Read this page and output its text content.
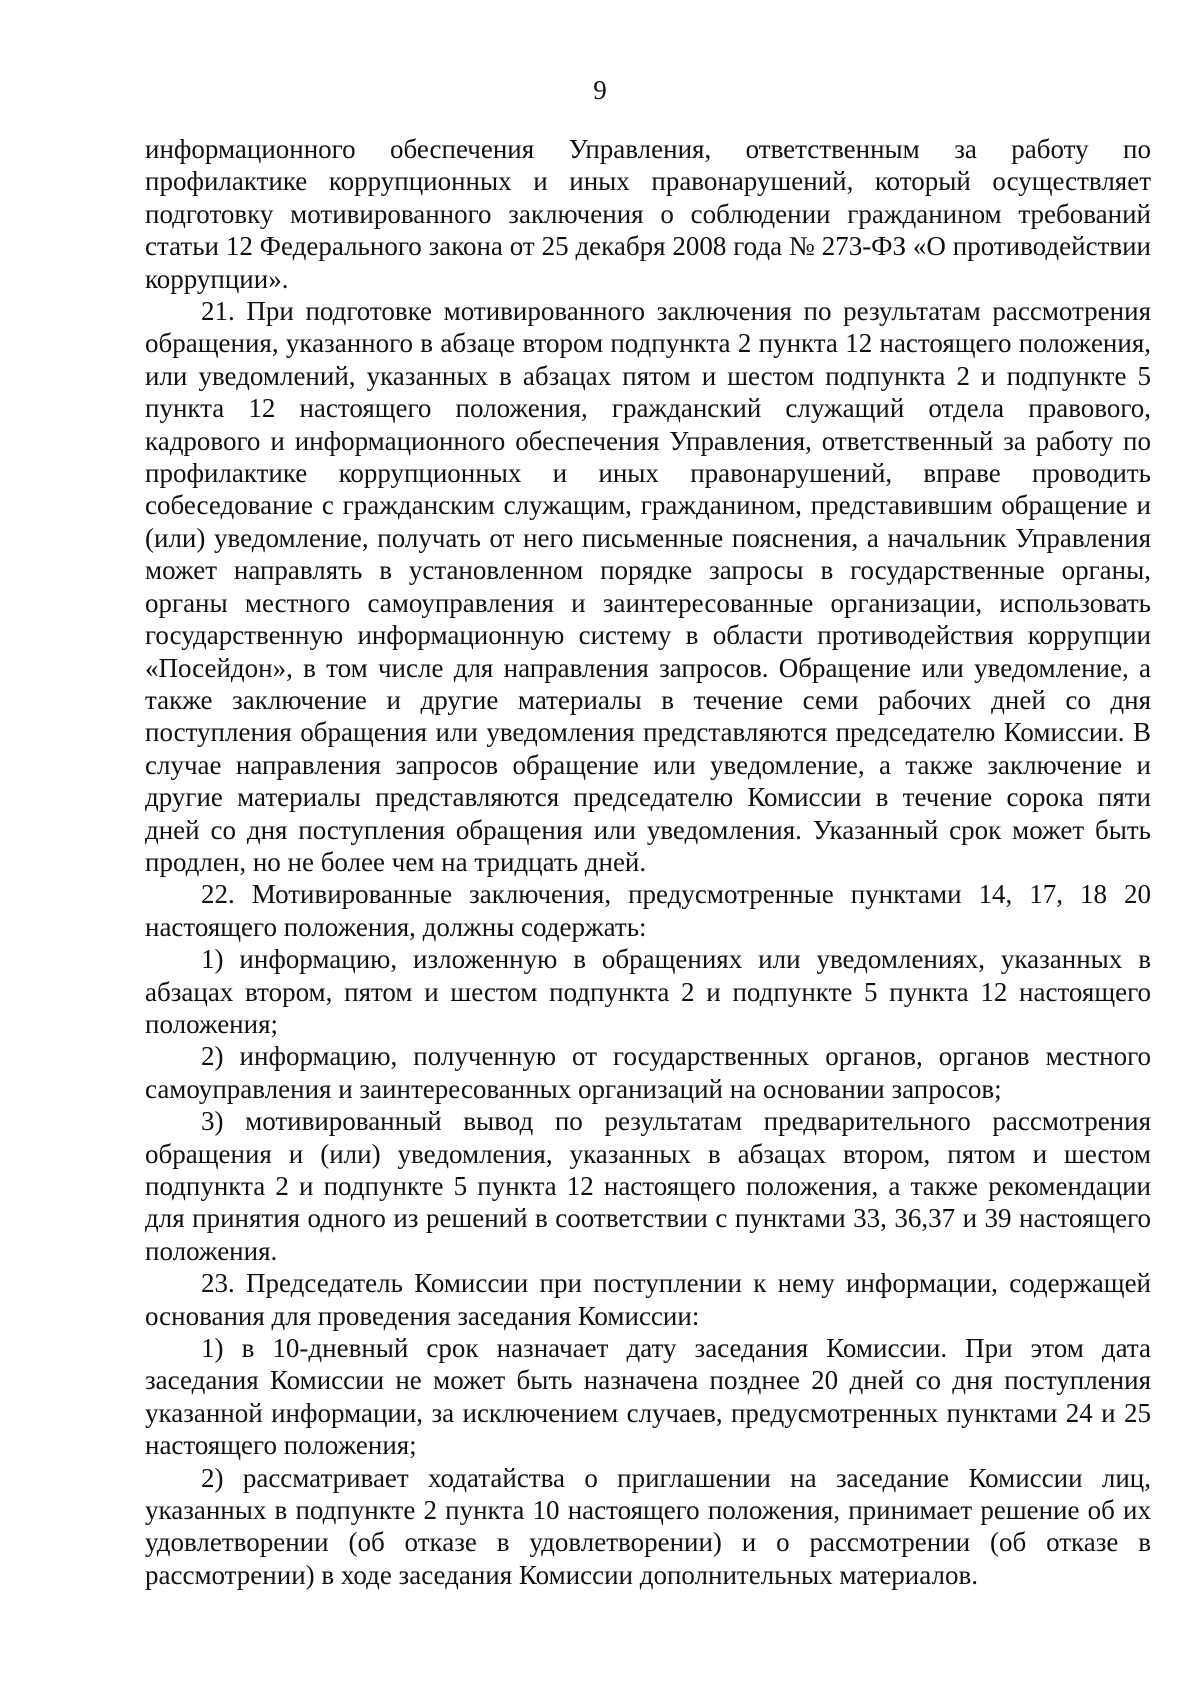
9

информационного обеспечения Управления, ответственным за работу по профилактике коррупционных и иных правонарушений, который осуществляет подготовку мотивированного заключения о соблюдении гражданином требований статьи 12 Федерального закона от 25 декабря 2008 года № 273-ФЗ «О противодействии коррупции».

21. При подготовке мотивированного заключения по результатам рассмотрения обращения, указанного в абзаце втором подпункта 2 пункта 12 настоящего положения, или уведомлений, указанных в абзацах пятом и шестом подпункта 2 и подпункте 5 пункта 12 настоящего положения, гражданский служащий отдела правового, кадрового и информационного обеспечения Управления, ответственный за работу по профилактике коррупционных и иных правонарушений, вправе проводить собеседование с гражданским служащим, гражданином, представившим обращение и (или) уведомление, получать от него письменные пояснения, а начальник Управления может направлять в установленном порядке запросы в государственные органы, органы местного самоуправления и заинтересованные организации, использовать государственную информационную систему в области противодействия коррупции «Посейдон», в том числе для направления запросов. Обращение или уведомление, а также заключение и другие материалы в течение семи рабочих дней со дня поступления обращения или уведомления представляются председателю Комиссии. В случае направления запросов обращение или уведомление, а также заключение и другие материалы представляются председателю Комиссии в течение сорока пяти дней со дня поступления обращения или уведомления. Указанный срок может быть продлен, но не более чем на тридцать дней.

22. Мотивированные заключения, предусмотренные пунктами 14, 17, 18 20 настоящего положения, должны содержать:

1) информацию, изложенную в обращениях или уведомлениях, указанных в абзацах втором, пятом и шестом подпункта 2 и подпункте 5 пункта 12 настоящего положения;

2) информацию, полученную от государственных органов, органов местного самоуправления и заинтересованных организаций на основании запросов;

3) мотивированный вывод по результатам предварительного рассмотрения обращения и (или) уведомления, указанных в абзацах втором, пятом и шестом подпункта 2 и подпункте 5 пункта 12 настоящего положения, а также рекомендации для принятия одного из решений в соответствии с пунктами 33, 36,37 и 39 настоящего положения.

23. Председатель Комиссии при поступлении к нему информации, содержащей основания для проведения заседания Комиссии:

1) в 10-дневный срок назначает дату заседания Комиссии. При этом дата заседания Комиссии не может быть назначена позднее 20 дней со дня поступления указанной информации, за исключением случаев, предусмотренных пунктами 24 и 25 настоящего положения;

2) рассматривает ходатайства о приглашении на заседание Комиссии лиц, указанных в подпункте 2 пункта 10 настоящего положения, принимает решение об их удовлетворении (об отказе в удовлетворении) и о рассмотрении (об отказе в рассмотрении) в ходе заседания Комиссии дополнительных материалов.
